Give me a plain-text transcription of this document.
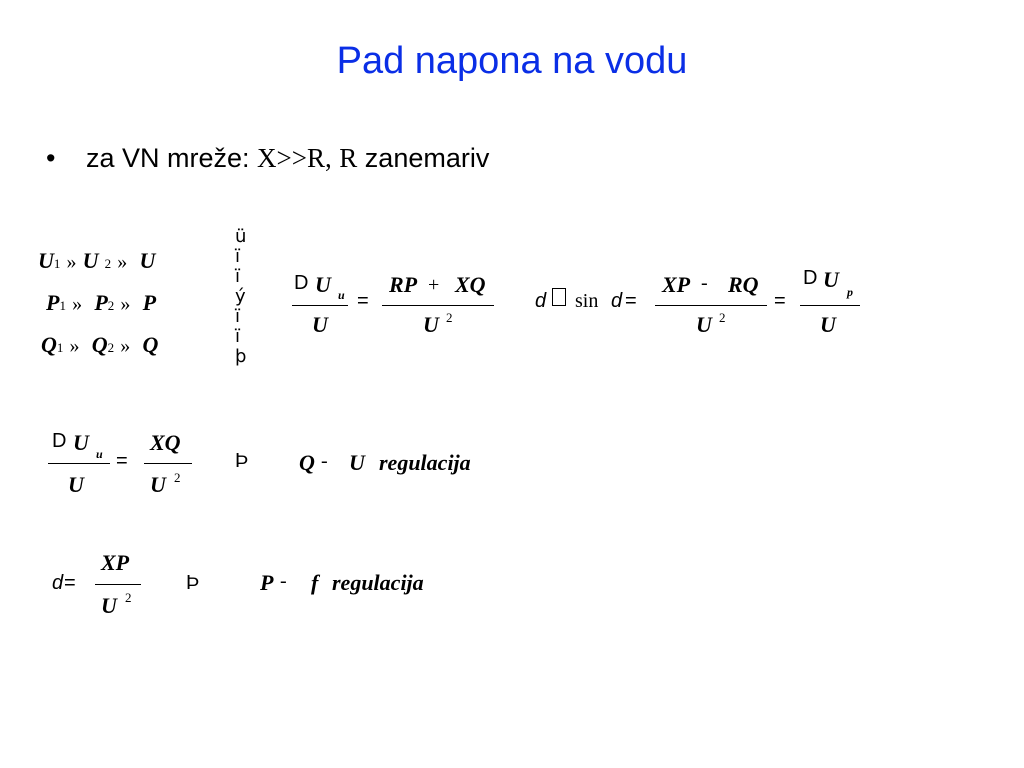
Pad napona na vodu
• za VN mreže: X>>R, R zanemariv
U1 » U 2 » U
P1 » P2 » P
Q1 » Q2 » Q
ü
ï
ï
ý
ï
ï
þ
D U u
U
=
RP + XQ
U 2
d sin d =
XP - RQ
U 2
=
D U p
U
D U u
U
=
XQ
U 2
Þ Q - U regulacija
d =
XP
U 2
Þ	P - f regulacija
